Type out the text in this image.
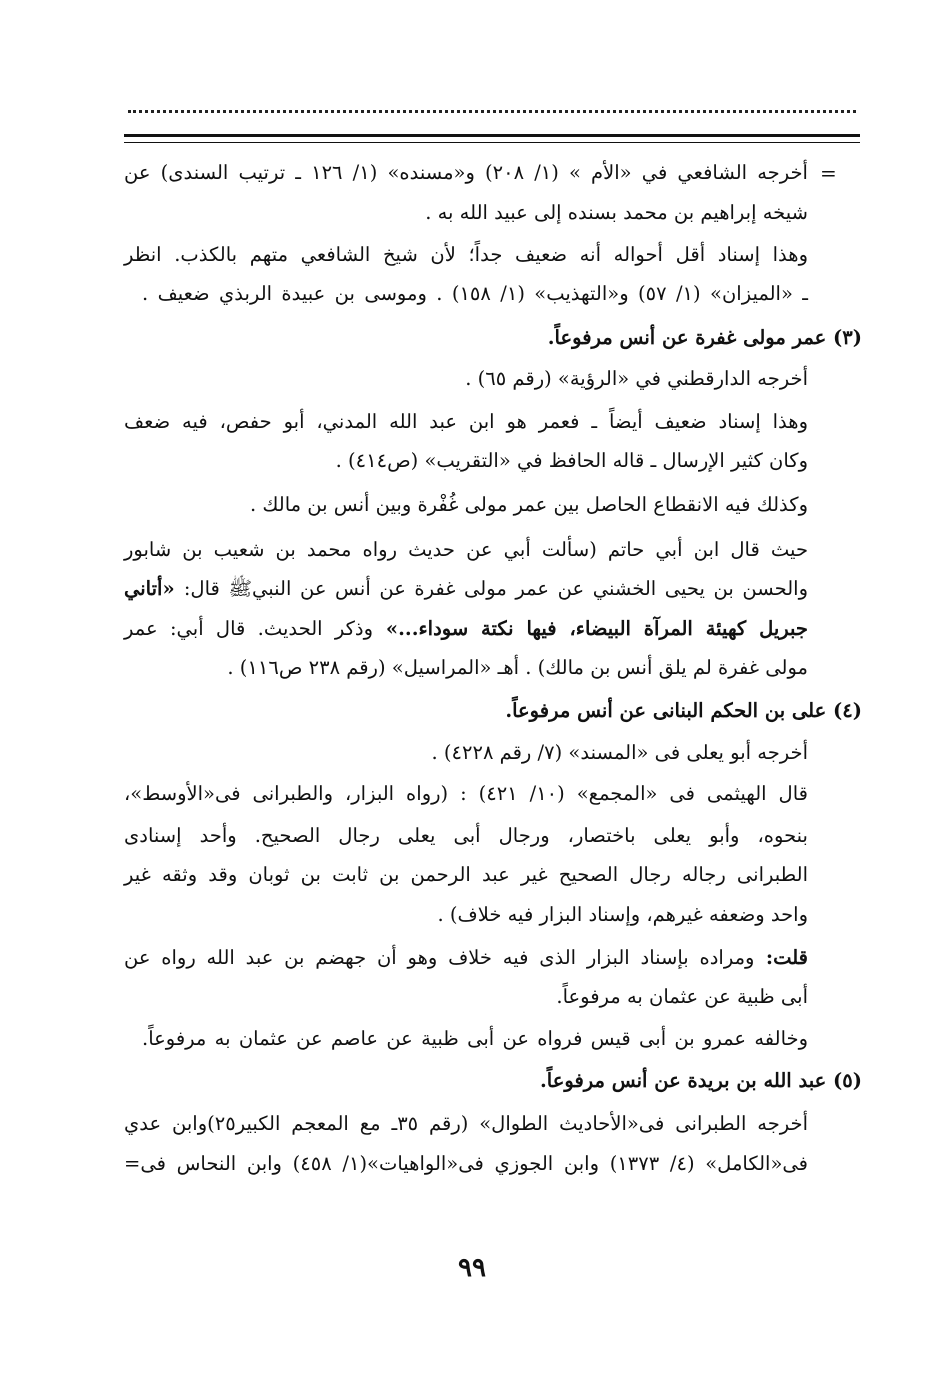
=
أخرجه الشافعي في «الأم » (١/ ٢٠٨) و«مسنده» (١/ ١٢٦ ـ ترتيب السندى) عن
شيخه إبراهيم بن محمد بسنده إلى عبيد الله به .
وهذا إسناد أقل أحواله أنه ضعيف جداً؛ لأن شيخ الشافعي متهم بالكذب. انظر
ـ «الميزان» (١/ ٥٧) و«التهذيب» (١/ ١٥٨) . وموسى بن عبيدة الربذي ضعيف .
(٣) عمر مولى غفرة عن أنس مرفوعاً.
أخرجه الدارقطني في «الرؤية» (رقم ٦٥) .
وهذا إسناد ضعيف أيضاً ـ فعمر هو ابن عبد الله المدني، أبو حفص، فيه ضعف
وكان كثير الإرسال ـ قاله الحافظ في «التقريب» (ص٤١٤) .
وكذلك فيه الانقطاع الحاصل بين عمر مولى غُفْرة وبين أنس بن مالك .
حيث قال ابن أبي حاتم (سألت أبي عن حديث رواه محمد بن شعيب بن شابور
والحسن بن يحيى الخشني عن عمر مولى غفرة عن أنس عن النبيﷺ قال: «أتاني
جبريل كهيئة المرآة البيضاء، فيها نكتة سوداء...» وذكر الحديث. قال أبي: عمر
مولى غفرة لم يلق أنس بن مالك) . أهـ «المراسيل» (رقم ٢٣٨ ص١١٦) .
(٤) على بن الحكم البنانى عن أنس مرفوعاً.
أخرجه أبو يعلى فى «المسند» (٧/ رقم ٤٢٢٨) .
قال الهيثمى فى «المجمع» (١٠/ ٤٢١) : (رواه البزار، والطبرانى فى«الأوسط»،
بنحوه، وأبو يعلى باختصار، ورجال أبى يعلى رجال الصحيح. وأحد إسنادى
الطبرانى رجاله رجال الصحيح غير عبد الرحمن بن ثابت بن ثوبان وقد وثقه غير
واحد وضعفه غيرهم، وإسناد البزار فيه خلاف) .
قلت: ومراده بإسناد البزار الذى فيه خلاف وهو أن جهضم بن عبد الله رواه عن
أبى ظبية عن عثمان به مرفوعاً.
وخالفه عمرو بن أبى قيس فرواه عن أبى ظبية عن عاصم عن عثمان به مرفوعاً.
(٥) عبد الله بن بريدة عن أنس مرفوعاً.
أخرجه الطبرانى فى«الأحاديث الطوال» (رقم ٣٥ـ مع المعجم الكبير٢٥)وابن عدي
فى«الكامل» (٤/ ١٣٧٣) وابن الجوزي فى«الواهيات»(١/ ٤٥٨) وابن النحاس فى=
٩٩
